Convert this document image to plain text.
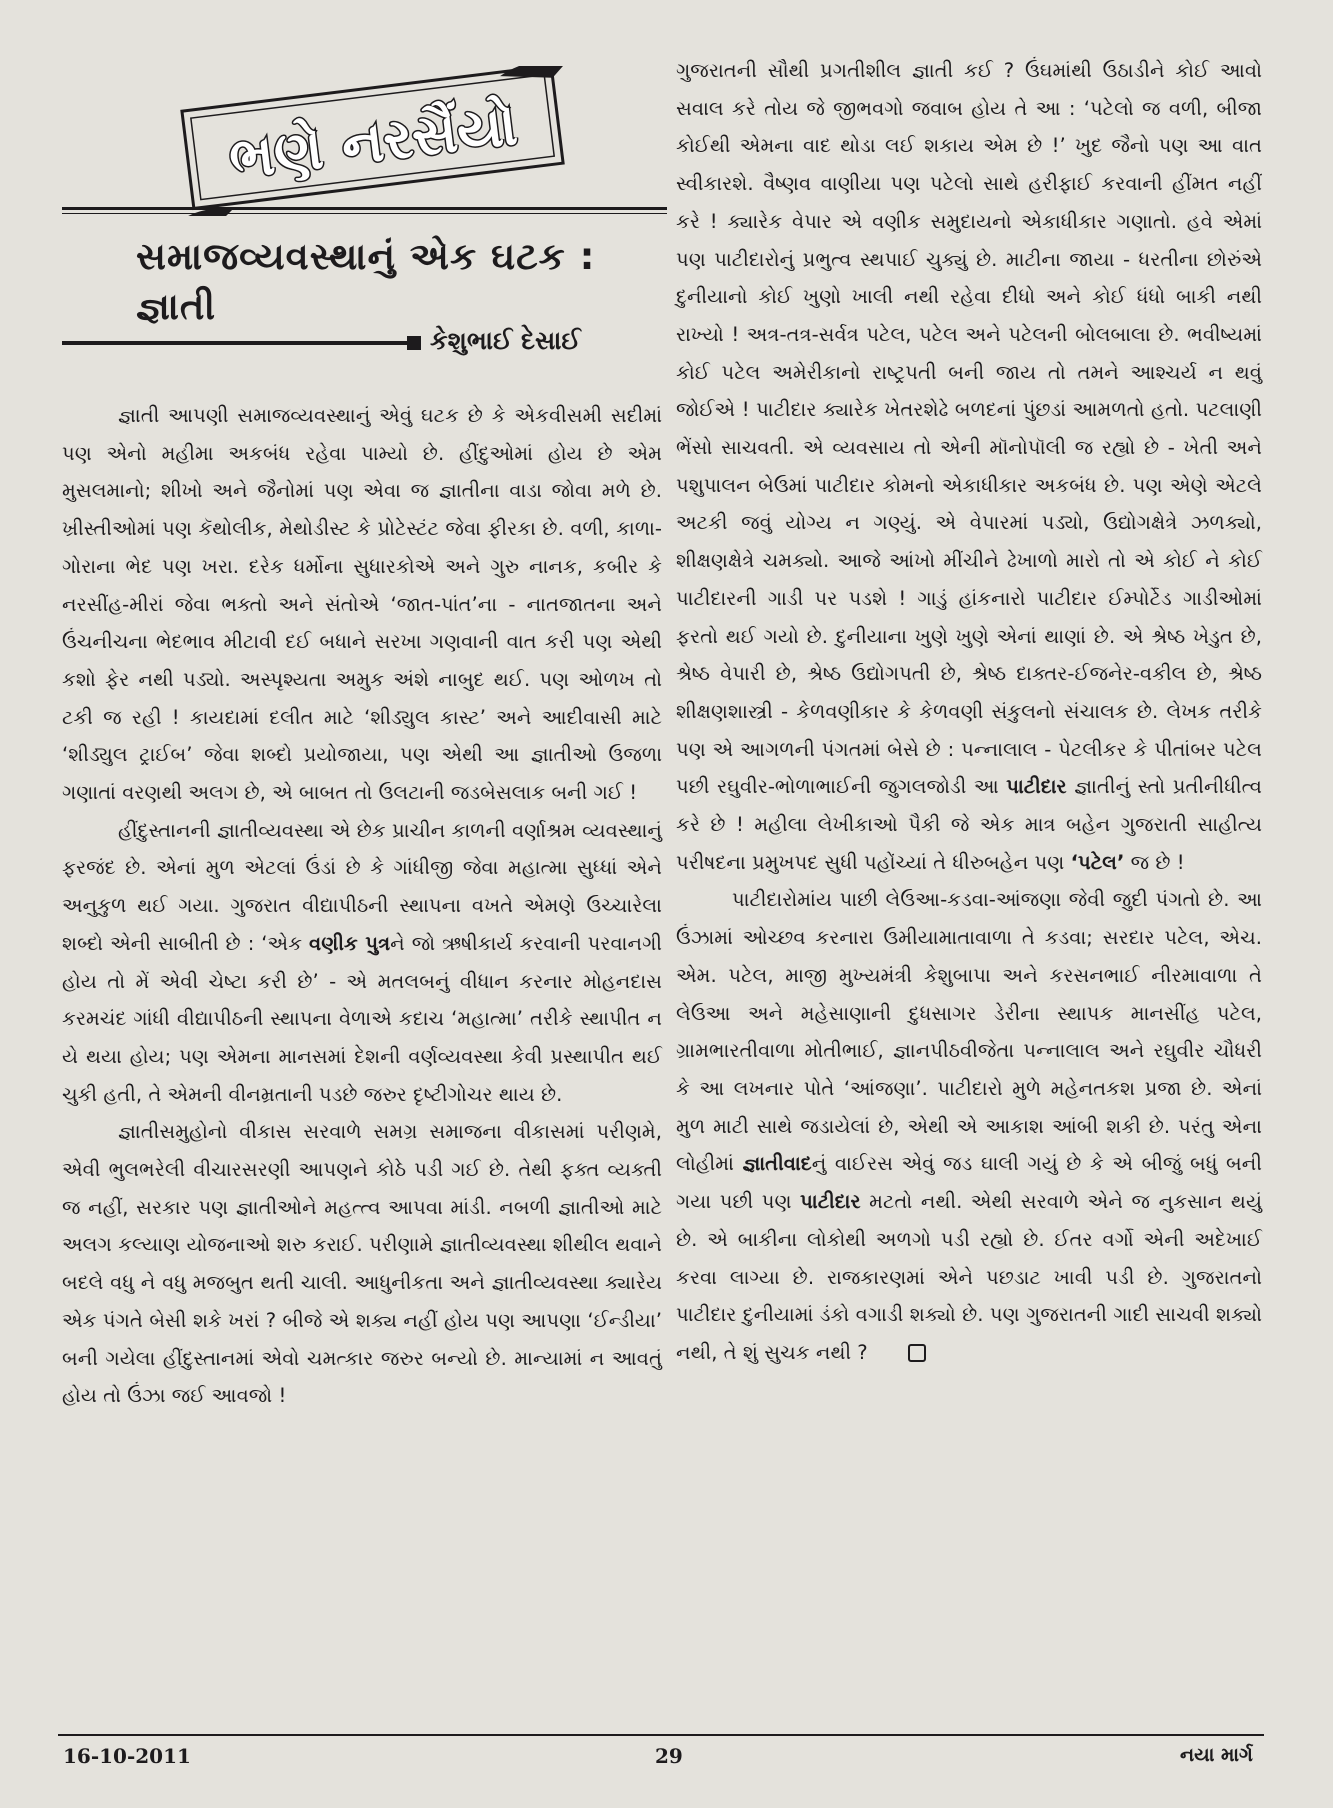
ભણે નરસૈંયો
સમાજવ્યવસ્થાનું એક ઘટક : જ્ઞાતી
કેશુભાઈ દેસાઈ

જ્ઞાતી આપણી સમાજવ્યવસ્થાનું એવું ઘટક છે કે એકવીસમી સદીમાં પણ એનો મહીમા અકબંધ રહેવા પામ્યો છે. હીંદુઓમાં હોય છે એમ મુસલમાનો; શીખો અને જૈનોમાં પણ એવા જ જ્ઞાતીના વાડા જોવા મળે છે. ખ્રીસ્તીઓમાં પણ કૅથોલીક, મેથોડીસ્ટ કે પ્રોટેસ્ટંટ જેવા ફીરકા છે. વળી, કાળા-ગોરાના ભેદ પણ ખરા. દરેક ધર્મોના સુધારકોએ અને ગુરુ નાનક, કબીર કે નરસીંહ-મીરાં જેવા ભક્તો અને સંતોએ ‘જાત-પાંત’ના - નાતજાતના અને ઉંચનીચના ભેદભાવ મીટાવી દઈ બધાને સરખા ગણવાની વાત કરી પણ એથી કશો ફેર નથી પડ્યો. અસ્પૃશ્યતા અમુક અંશે નાબુદ થઈ. પણ ઓળખ તો ટકી જ રહી ! કાયદામાં દલીત માટે ‘શીડ્યુલ કાસ્ટ’ અને આદીવાસી માટે ‘શીડ્યુલ ટ્રાઈબ’ જેવા શબ્દો પ્રયોજાયા, પણ એથી આ જ્ઞાતીઓ ઉજળા ગણાતાં વરણથી અલગ છે, એ બાબત તો ઉલટાની જડબેસલાક બની ગઈ !

હીંદુસ્તાનની જ્ઞાતીવ્યવસ્થા એ છેક પ્રાચીન કાળની વર્ણાશ્રમ વ્યવસ્થાનું ફરજંદ છે. એનાં મુળ એટલાં ઉંડાં છે કે ગાંધીજી જેવા મહાત્મા સુધ્ધાં એને અનુકુળ થઈ ગયા. ગુજરાત વીદ્યાપીઠની સ્થાપના વખતે એમણે ઉચ્ચારેલા શબ્દો એની સાબીતી છે : ‘એક વણીક પુત્રને જો ઋષીકાર્ય કરવાની પરવાનગી હોય તો મેં એવી ચેષ્ટા કરી છે’ - એ મતલબનું વીધાન કરનાર મોહનદાસ કરમચંદ ગાંધી વીદ્યાપીઠની સ્થાપના વેળાએ કદાચ ‘મહાત્મા’ તરીકે સ્થાપીત ન યે થયા હોય; પણ એમના માનસમાં દેશની વર્ણવ્યવસ્થા કેવી પ્રસ્થાપીત થઈ ચુકી હતી, તે એમની વીનમ્રતાની પડછે જરુર દૃષ્ટીગોચર થાય છે.

જ્ઞાતીસમુહોનો વીકાસ સરવાળે સમગ્ર સમાજના વીકાસમાં પરીણમે, એવી ભુલભરેલી વીચારસરણી આપણને કોઠે પડી ગઈ છે. તેથી ફક્ત વ્યક્તી જ નહીં, સરકાર પણ જ્ઞાતીઓને મહત્ત્વ આપવા માંડી. નબળી જ્ઞાતીઓ માટે અલગ કલ્યાણ યોજનાઓ શરુ કરાઈ. પરીણામે જ્ઞાતીવ્યવસ્થા શીથીલ થવાને બદલે વધુ ને વધુ મજબુત થતી ચાલી. આધુનીકતા અને જ્ઞાતીવ્યવસ્થા ક્યારેય એક પંગતે બેસી શકે ખરાં ? બીજે એ શક્ય નહીં હોય પણ આપણા ‘ઈન્ડીયા’ બની ગયેલા હીંદુસ્તાનમાં એવો ચમત્કાર જરુર બન્યો છે. માન્યામાં ન આવતું હોય તો ઉંઝા જઈ આવજો !

ગુજરાતની સૌથી પ્રગતીશીલ જ્ઞાતી કઈ ? ઉંઘમાંથી ઉઠાડીને કોઈ આવો સવાલ કરે તોય જે જીભવગો જવાબ હોય તે આ : ‘પટેલો જ વળી, બીજા કોઈથી એમના વાદ થોડા લઈ શકાય એમ છે !’ ખુદ જૈનો પણ આ વાત સ્વીકારશે. વૈષ્ણવ વાણીયા પણ પટેલો સાથે હરીફાઈ કરવાની હીંમત નહીં કરે ! ક્યારેક વેપાર એ વણીક સમુદાયનો એકાધીકાર ગણાતો. હવે એમાં પણ પાટીદારોનું પ્રભુત્વ સ્થપાઈ ચુક્યું છે. માટીના જાયા - ધરતીના છોરુંએ દુનીયાનો કોઈ ખુણો ખાલી નથી રહેવા દીધો અને કોઈ ધંધો બાકી નથી રાખ્યો ! અત્ર-તત્ર-સર્વત્ર પટેલ, પટેલ અને પટેલની બોલબાલા છે. ભવીષ્યમાં કોઈ પટેલ અમેરીકાનો રાષ્ટ્રપતી બની જાય તો તમને આશ્ચર્ય ન થવું જોઈએ ! પાટીદાર ક્યારેક ખેતરશેઢે બળદનાં પુંછડાં આમળતો હતો. પટલાણી ભેંસો સાચવતી. એ વ્યવસાય તો એની મૉનોપૉલી જ રહ્યો છે - ખેતી અને પશુપાલન બેઉમાં પાટીદાર કોમનો એકાધીકાર અકબંધ છે. પણ એણે એટલે અટકી જવું યોગ્ય ન ગણ્યું. એ વેપારમાં પડ્યો, ઉદ્યોગક્ષેત્રે ઝળક્યો, શીક્ષણક્ષેત્રે ચમક્યો. આજે આંખો મીંચીને ઢેખાળો મારો તો એ કોઈ ને કોઈ પાટીદારની ગાડી પર પડશે ! ગાડું હાંકનારો પાટીદાર ઈમ્પોર્ટેડ ગાડીઓમાં ફરતો થઈ ગયો છે. દુનીયાના ખુણે ખુણે એનાં થાણાં છે. એ શ્રેષ્ઠ ખેડુત છે, શ્રેષ્ઠ વેપારી છે, શ્રેષ્ઠ ઉદ્યોગપતી છે, શ્રેષ્ઠ દાક્તર-ઈજનેર-વકીલ છે, શ્રેષ્ઠ શીક્ષણશાસ્ત્રી - કેળવણીકાર કે કેળવણી સંકુલનો સંચાલક છે. લેખક તરીકે પણ એ આગળની પંગતમાં બેસે છે : પન્નાલાલ - પેટલીકર કે પીતાંબર પટેલ પછી રઘુવીર-ભોળાભાઈની જુગલજોડી આ પાટીદાર જ્ઞાતીનું સ્તો પ્રતીનીધીત્વ કરે છે ! મહીલા લેખીકાઓ પૈકી જે એક માત્ર બહેન ગુજરાતી સાહીત્ય પરીષદના પ્રમુખપદ સુધી પહોંચ્યાં તે ધીરુબહેન પણ ‘પટેલ’ જ છે !

પાટીદારોમાંય પાછી લેઉઆ-કડવા-આંજણા જેવી જુદી પંગતો છે. આ ઉંઝામાં ઓચ્છવ કરનારા ઉમીયામાતાવાળા તે કડવા; સરદાર પટેલ, એચ. એમ. પટેલ, માજી મુખ્યમંત્રી કેશુબાપા અને કરસનભાઈ નીરમાવાળા તે લેઉઆ અને મહેસાણાની દુધસાગર ડેરીના સ્થાપક માનસીંહ પટેલ, ગ્રામભારતીવાળા મોતીભાઈ, જ્ઞાનપીઠવીજેતા પન્નાલાલ અને રઘુવીર ચૌધરી કે આ લખનાર પોતે ‘આંજણા’. પાટીદારો મુળે મહેનતકશ પ્રજા છે. એનાં મુળ માટી સાથે જડાયેલાં છે, એથી એ આકાશ આંબી શકી છે. પરંતુ એના લોહીમાં જ્ઞાતીવાદનું વાઈરસ એવું જડ ઘાલી ગયું છે કે એ બીજું બધું બની ગયા પછી પણ પાટીદાર મટતો નથી. એથી સરવાળે એને જ નુકસાન થયું છે. એ બાકીના લોકોથી અળગો પડી રહ્યો છે. ઈતર વર્ગો એની અદેખાઈ કરવા લાગ્યા છે. રાજકારણમાં એને પછડાટ ખાવી પડી છે. ગુજરાતનો પાટીદાર દુનીયામાં ડંકો વગાડી શક્યો છે. પણ ગુજરાતની ગાદી સાચવી શક્યો નથી, તે શું સુચક નથી ?

16-10-2011	29	નયા માર્ગ
